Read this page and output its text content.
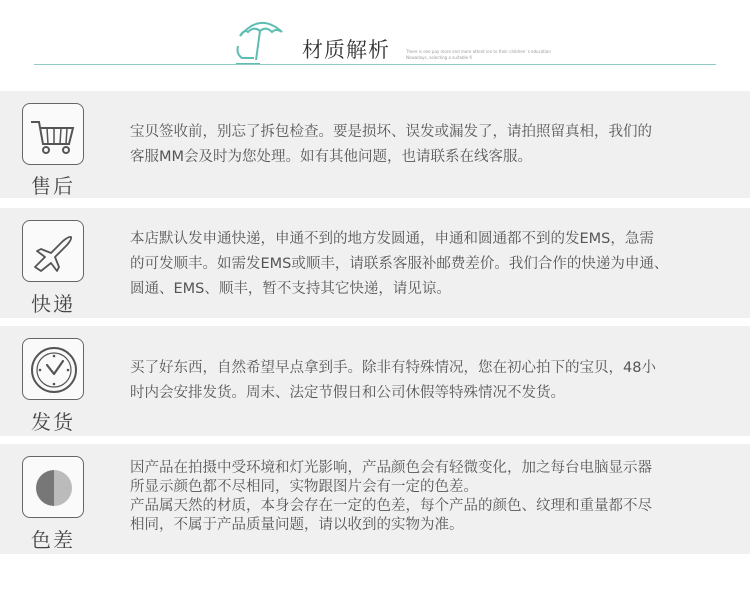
材质解析	There is one pay more and more attent ion to their children' s education Nowadays, selecting a suitable fi
售后
宝贝签收前，别忘了拆包检查。要是损坏、误发或漏发了，请拍照留真相，我们的
客服MM会及时为您处理。如有其他问题，也请联系在线客服。
快递
本店默认发申通快递，申通不到的地方发圆通，申通和圆通都不到的发EMS，急需
的可发顺丰。如需发EMS或顺丰，请联系客服补邮费差价。我们合作的快递为申通、
圆通、EMS、顺丰，暂不支持其它快递，请见谅。
发货
买了好东西，自然希望早点拿到手。除非有特殊情况，您在初心拍下的宝贝，48小
时内会安排发货。周末、法定节假日和公司休假等特殊情况不发货。
色差
因产品在拍摄中受环境和灯光影响，产品颜色会有轻微变化，加之每台电脑显示器
所显示颜色都不尽相同，实物跟图片会有一定的色差。
产品属天然的材质，本身会存在一定的色差，每个产品的颜色、纹理和重量都不尽
相同，不属于产品质量问题，请以收到的实物为准。
